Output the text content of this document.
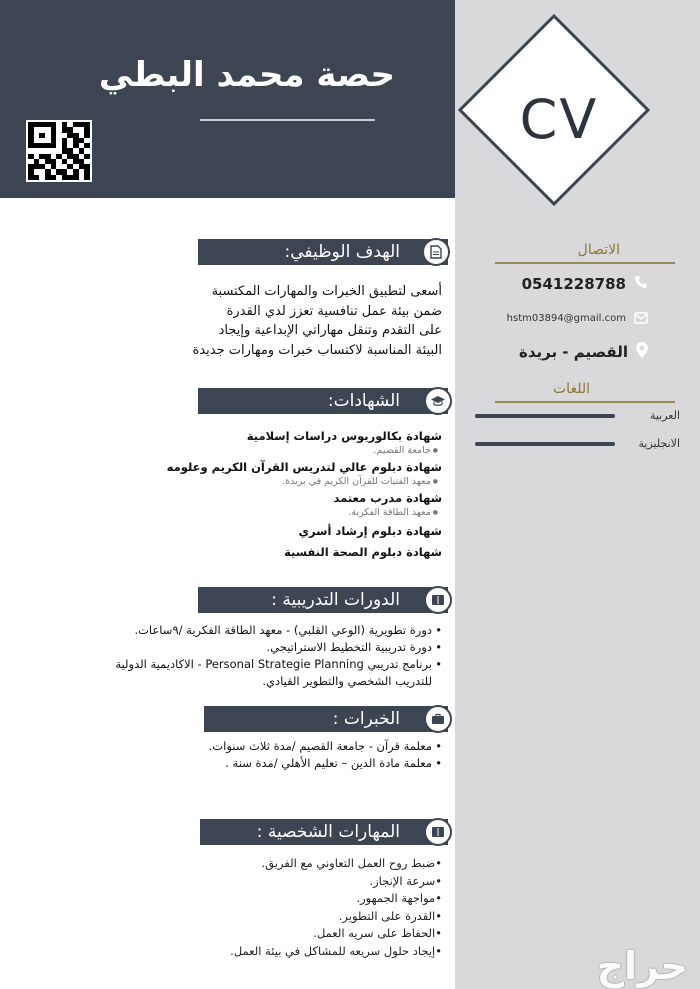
حصة محمد البطي
CV
الاتصال
0541228788
hstm03894@gmail.com
القصيم - بريدة
اللغات
العربية
الانجليزية
الهدف الوظيفي:
أسعى لتطبيق الخبرات والمهارات المكتسبة
ضمن بيئة عمل تنافسية تعزز لدي القدرة
على التقدم وتنقل مهاراتي الإبداعية وإيجاد
البيئة المناسبة لاكتساب خبرات ومهارات جديدة
الشهادات:
شهادة بكالوريوس دراسات إسلامية
● جامعة القصيم.
شهادة دبلوم عالي لتدريس القرآن الكريم وعلومه
● معهد الفتيات للقرآن الكريم في بريدة.
شهادة مدرب معتمد
● معهد الطاقة الفكرية.
شهادة دبلوم إرشاد أسري
شهادة دبلوم الصحة النفسية
الدورات التدريبية :
• دورة تطويرية (الوعي القلبي) - معهد الطاقة الفكرية /٩ساعات.
• دورة تدريبية التخطيط الاستراتيجي.
• برنامج تدريبي Personal Strategie Planning - الاكاديمية الدولية للتدريب الشخصي والتطوير القيادي.
الخبرات :
• معلمة قرآن - جامعة القصيم /مدة ثلاث سنوات.
• معلمة مادة الدين – تعليم الأهلي /مدة سنة .
المهارات الشخصية :
•ضبط روح العمل التعاوني مع الفريق.
•سرعة الإنجاز.
•مواجهة الجمهور.
•القدرة على التطوير.
•الحفاظ على سريه العمل.
•إيجاد حلول سريعه للمشاكل في بيئة العمل.	حراج
